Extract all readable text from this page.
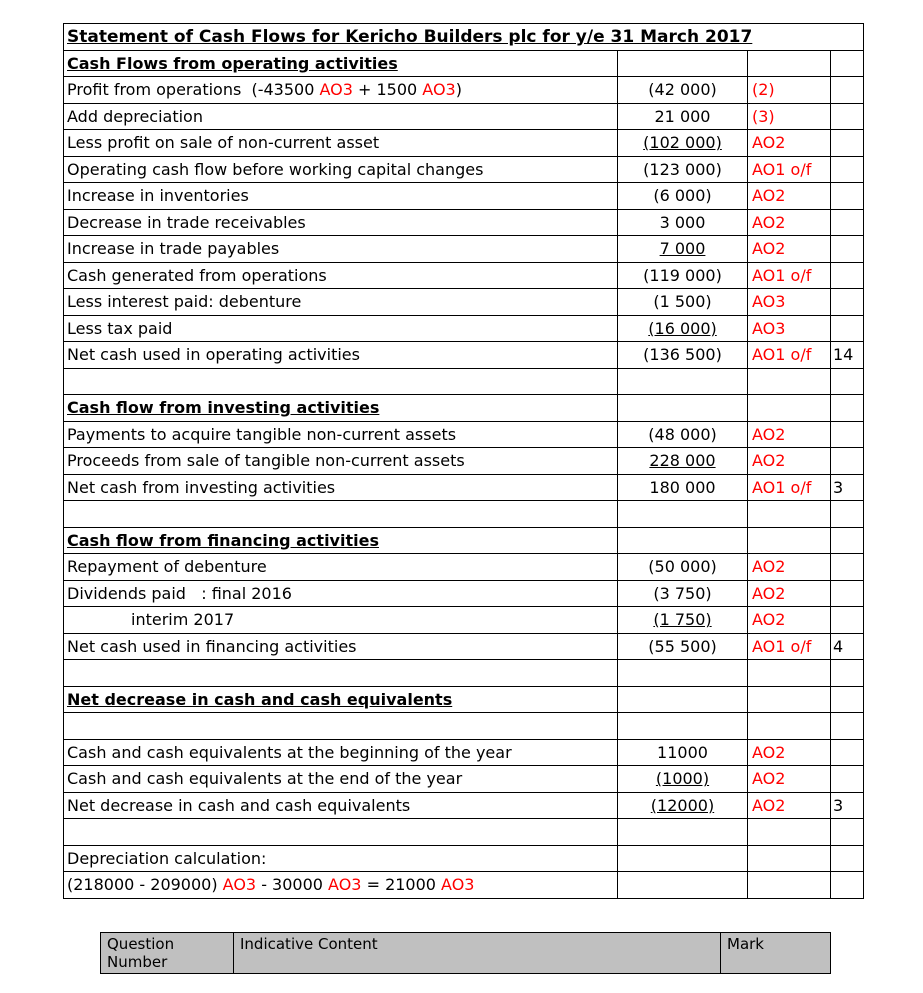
Statement of Cash Flows for Kericho Builders plc for y/e 31 March 2017			
Cash Flows from operating activities			
Profit from operations  (-43500 AO3 + 1500 AO3)	(42 000)	(2)	
Add depreciation	21 000	(3)	
Less profit on sale of non-current asset	(102 000)	AO2	
Operating cash flow before working capital changes	(123 000)	AO1 o/f	
Increase in inventories	(6 000)	AO2	
Decrease in trade receivables	3 000	AO2	
Increase in trade payables	7 000	AO2	
Cash generated from operations	(119 000)	AO1 o/f	
Less interest paid: debenture	(1 500)	AO3	
Less tax paid	(16 000)	AO3	
Net cash used in operating activities	(136 500)	AO1 o/f	14

Cash flow from investing activities			
Payments to acquire tangible non-current assets	(48 000)	AO2	
Proceeds from sale of tangible non-current assets	228 000	AO2	
Net cash from investing activities	180 000	AO1 o/f	3

Cash flow from financing activities			
Repayment of debenture	(50 000)	AO2	
Dividends paid   : final 2016	(3 750)	AO2	
interim 2017	(1 750)	AO2	
Net cash used in financing activities	(55 500)	AO1 o/f	4

Net decrease in cash and cash equivalents			

Cash and cash equivalents at the beginning of the year	11000	AO2	
Cash and cash equivalents at the end of the year	(1000)	AO2	
Net decrease in cash and cash equivalents	(12000)	AO2	3

Depreciation calculation:			
(218000 - 209000) AO3 - 30000 AO3 = 21000 AO3			
Question Number	Indicative Content	Mark
